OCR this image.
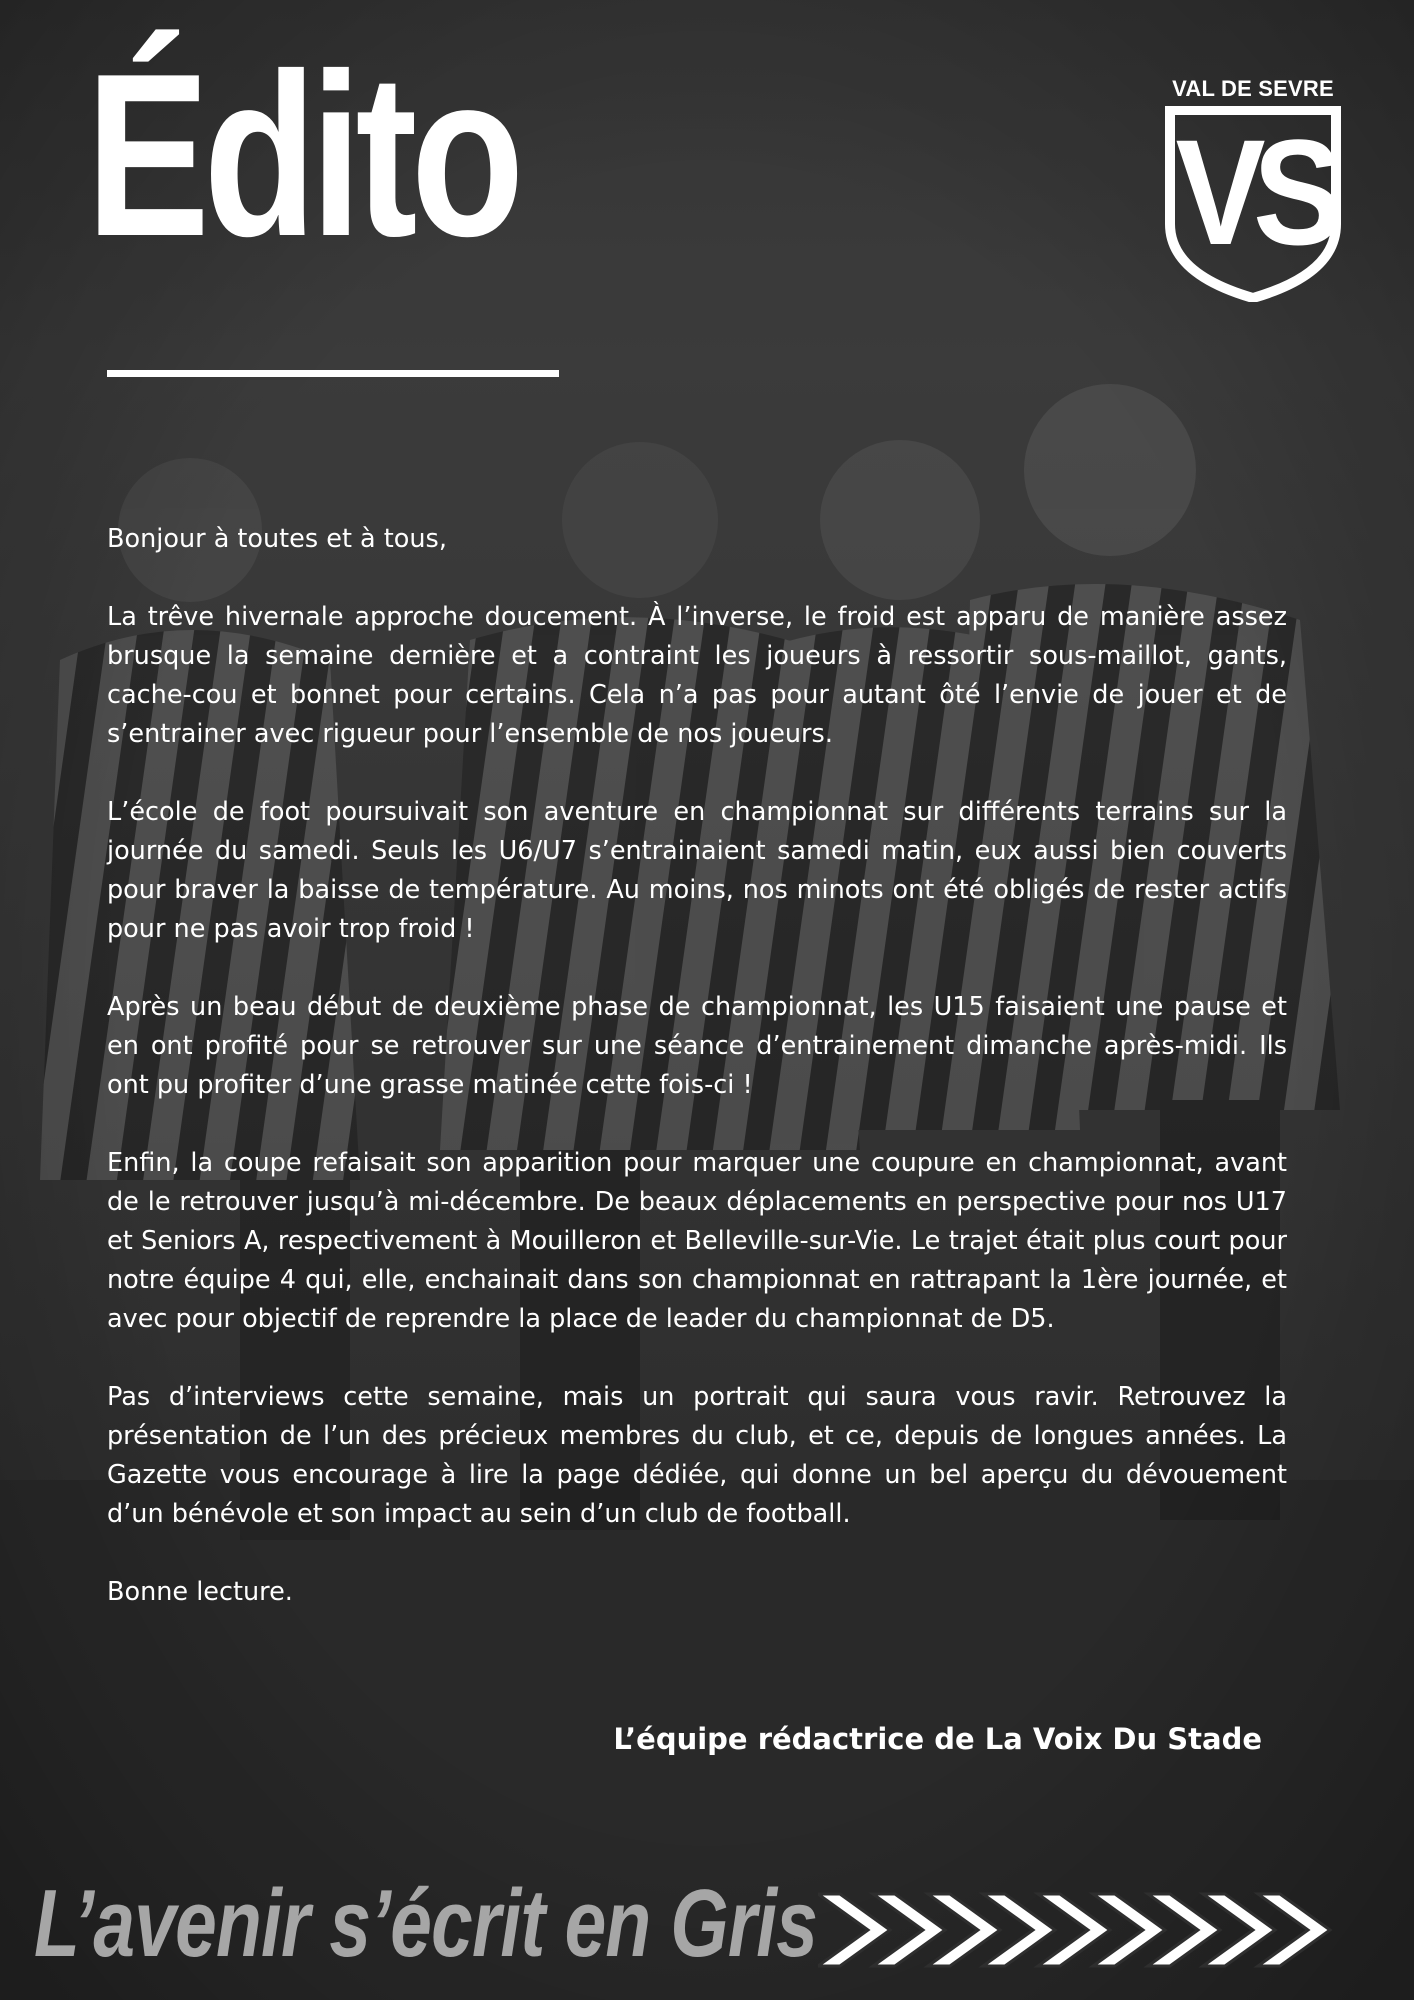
Édito	VAL DE SEVRE
VS

Bonjour à toutes et à tous,

La trêve hivernale approche doucement. À l’inverse, le froid est apparu de manière assez brusque la semaine dernière et a contraint les joueurs à ressortir sous-maillot, gants, cache-cou et bonnet pour certains. Cela n’a pas pour autant ôté l’envie de jouer et de s’entrainer avec rigueur pour l’ensemble de nos joueurs.

L’école de foot poursuivait son aventure en championnat sur différents terrains sur la journée du samedi. Seuls les U6/U7 s’entrainaient samedi matin, eux aussi bien couverts pour braver la baisse de température. Au moins, nos minots ont été obligés de rester actifs pour ne pas avoir trop froid !

Après un beau début de deuxième phase de championnat, les U15 faisaient une pause et en ont profité pour se retrouver sur une séance d’entrainement dimanche après-midi. Ils ont pu profiter d’une grasse matinée cette fois-ci !

Enfin, la coupe refaisait son apparition pour marquer une coupure en championnat, avant de le retrouver jusqu’à mi-décembre. De beaux déplacements en perspective pour nos U17 et Seniors A, respectivement à Mouilleron et Belleville-sur-Vie. Le trajet était plus court pour notre équipe 4 qui, elle, enchainait dans son championnat en rattrapant la 1ère journée, et avec pour objectif de reprendre la place de leader du championnat de D5.

Pas d’interviews cette semaine, mais un portrait qui saura vous ravir. Retrouvez la présentation de l’un des précieux membres du club, et ce, depuis de longues années. La Gazette vous encourage à lire la page dédiée, qui donne un bel aperçu du dévouement d’un bénévole et son impact au sein d’un club de football.

Bonne lecture.

L’équipe rédactrice de La Voix Du Stade

L’avenir s’écrit en Gris
